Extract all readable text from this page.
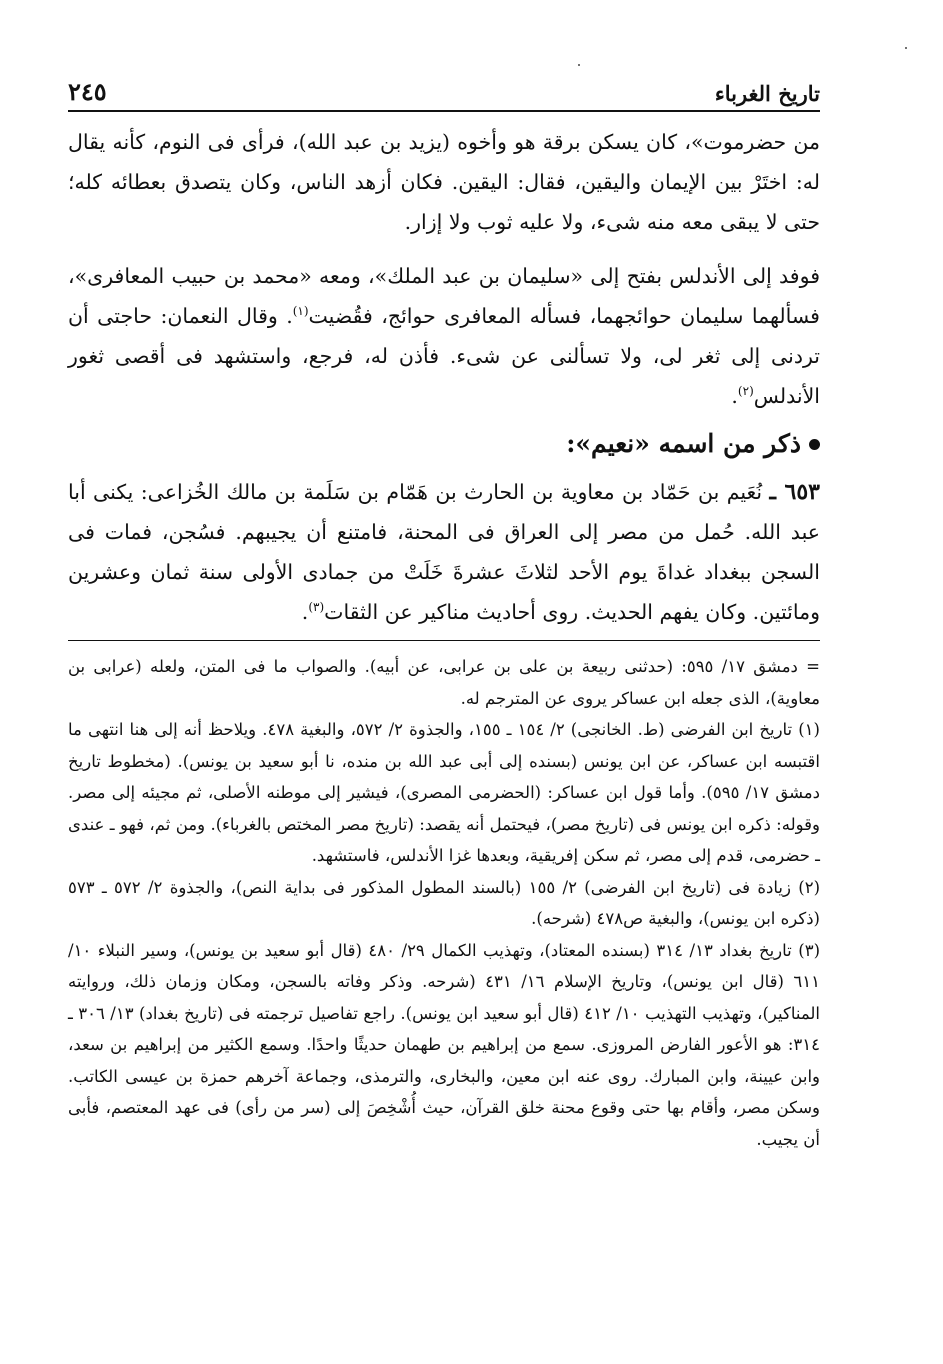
تاريخ الغرباء
٢٤٥

من حضرموت»، كان يسكن برقة هو وأخوه (يزيد بن عبد الله)، فرأى فى النوم، كأنه يقال له: اختَرْ بين الإيمان واليقين، فقال: اليقين. فكان أزهد الناس، وكان يتصدق بعطائه كله؛ حتى لا يبقى معه منه شىء، ولا عليه ثوب ولا إزار.

فوفد إلى الأندلس بفتح إلى «سليمان بن عبد الملك»، ومعه «محمد بن حبيب المعافرى»، فسألهما سليمان حوائجهما، فسأله المعافرى حوائج، فقُضيت$^{(١)}$. وقال النعمان: حاجتى أن تردنى إلى ثغر لى، ولا تسألنى عن شىء. فأذن له، فرجع، واستشهد فى أقصى ثغور الأندلس$^{(٢)}$.

ذكر من اسمه «نعيم»:

٦٥٣ ـ نُعَيم بن حَمّاد بن معاوية بن الحارث بن هَمّام بن سَلَمة بن مالك الخُزاعى: يكنى أبا عبد الله. حُمل من مصر إلى العراق فى المحنة، فامتنع أن يجيبهم. فسُجن، فمات فى السجن ببغداد غداةَ يوم الأحد لثلاثَ عشرةَ خَلَتْ من جمادى الأولى سنة ثمان وعشرين ومائتين. وكان يفهم الحديث. روى أحاديث مناكير عن الثقات$^{(٣)}$.

= دمشق ١٧/ ٥٩٥: (حدثنى ربيعة بن على بن عرابى، عن أبيه). والصواب ما فى المتن، ولعله (عرابى بن معاوية)، الذى جعله ابن عساكر يروى عن المترجم له.

(١) تاريخ ابن الفرضى (ط. الخانجى) ٢/ ١٥٤ ـ ١٥٥، والجذوة ٢/ ٥٧٢، والبغية ٤٧٨. ويلاحظ أنه إلى هنا انتهى ما اقتبسه ابن عساكر، عن ابن يونس (بسنده إلى أبى عبد الله بن منده، نا أبو سعيد بن يونس). (مخطوط تاريخ دمشق ١٧/ ٥٩٥). وأما قول ابن عساكر: (الحضرمى المصرى)، فيشير إلى موطنه الأصلى، ثم مجيئه إلى مصر. وقوله: ذكره ابن يونس فى (تاريخ مصر)، فيحتمل أنه يقصد: (تاريخ مصر المختص بالغرباء). ومن ثم، فهو ـ عندى ـ حضرمى، قدم إلى مصر، ثم سكن إفريقية، وبعدها غزا الأندلس، فاستشهد.

(٢) زيادة فى (تاريخ ابن الفرضى) ٢/ ١٥٥ (بالسند المطول المذكور فى بداية النص)، والجذوة ٢/ ٥٧٢ ـ ٥٧٣ (ذكره ابن يونس)، والبغية ص٤٧٨ (شرحه).

(٣) تاريخ بغداد ١٣/ ٣١٤ (بسنده المعتاد)، وتهذيب الكمال ٢٩/ ٤٨٠ (قال أبو سعيد بن يونس)، وسير النبلاء ١٠/ ٦١١ (قال ابن يونس)، وتاريخ الإسلام ١٦/ ٤٣١ (شرحه. وذكر وفاته بالسجن، ومكان وزمان ذلك، وروايته المناكير)، وتهذيب التهذيب ١٠/ ٤١٢ (قال أبو سعيد ابن يونس). راجع تفاصيل ترجمته فى (تاريخ بغداد) ١٣/ ٣٠٦ ـ ٣١٤: هو الأعور الفارض المروزى. سمع من إبراهيم بن طهمان حديثًا واحدًا. وسمع الكثير من إبراهيم بن سعد، وابن عيينة، وابن المبارك. روى عنه ابن معين، والبخارى، والترمذى، وجماعة آخرهم حمزة بن عيسى الكاتب. وسكن مصر، وأقام بها حتى وقوع محنة خلق القرآن، حيث أُشْخِصَ إلى (سر من رأى) فى عهد المعتصم، فأبى أن يجيب.
